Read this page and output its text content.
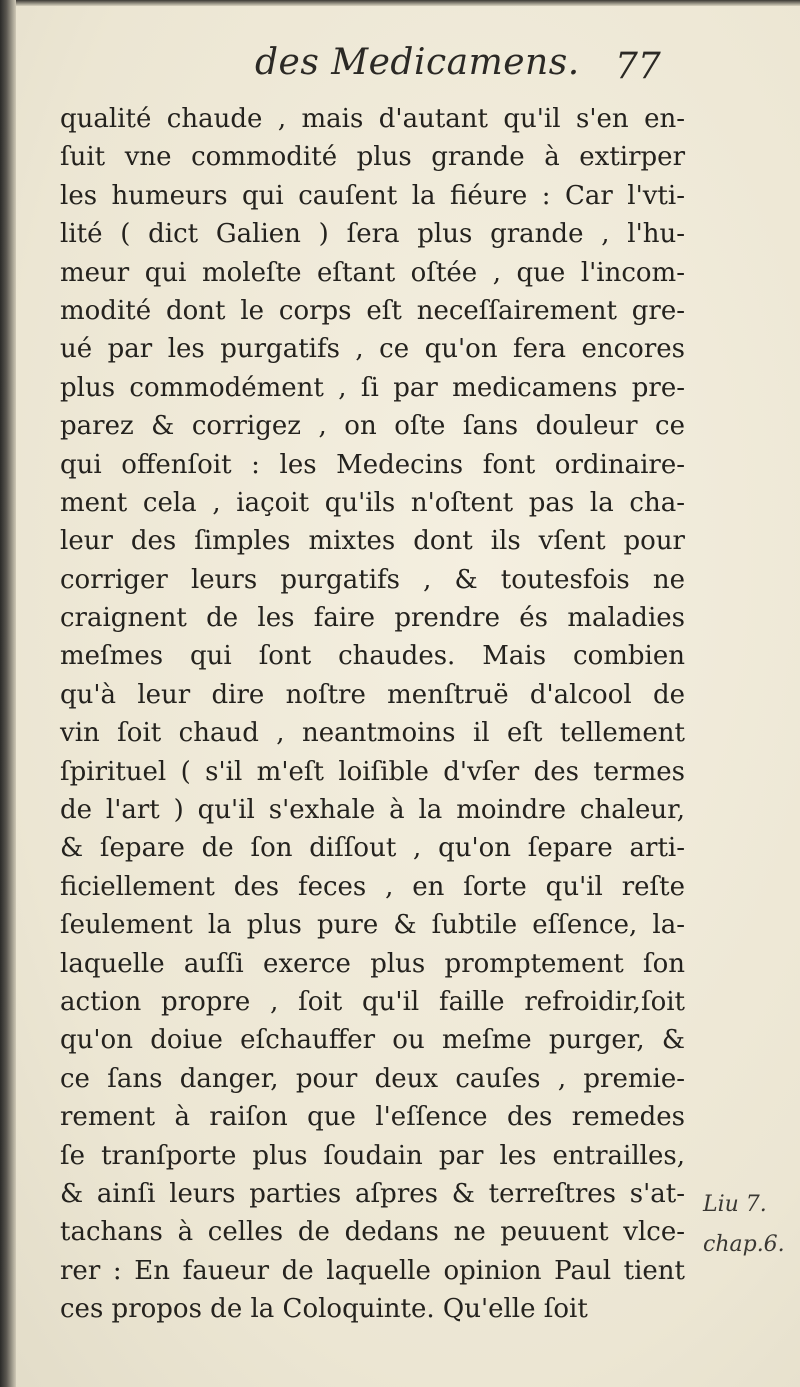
des Medicamens. 77
qualité chaude , mais d'autant qu'il s'en en-
ſuit vne commodité plus grande à extirper
les humeurs qui cauſent la fiéure : Car l'vti-
lité ( dict Galien ) ſera plus grande , l'hu-
meur qui moleſte eſtant oſtée , que l'incom-
modité dont le corps eſt neceſſairement gre-
ué par les purgatifs , ce qu'on fera encores
plus commodément , ſi par medicamens pre-
parez & corrigez , on oſte ſans douleur ce
qui offenſoit : les Medecins font ordinaire-
ment cela , iaçoit qu'ils n'oſtent pas la cha-
leur des ſimples mixtes dont ils vſent pour
corriger leurs purgatifs , & toutesfois ne
craignent de les faire prendre és maladies
meſmes qui ſont chaudes. Mais combien
qu'à leur dire noſtre menſtruë d'alcool de
vin ſoit chaud , neantmoins il eſt tellement
ſpirituel ( s'il m'eſt loiſible d'vſer des termes
de l'art ) qu'il s'exhale à la moindre chaleur,
& ſepare de ſon diſſout , qu'on ſepare arti-
ficiellement des feces , en ſorte qu'il reſte
ſeulement la plus pure & ſubtile eſſence, la-
laquelle auſſi exerce plus promptement ſon
action propre , ſoit qu'il faille refroidir,ſoit
qu'on doiue eſchauffer ou meſme purger, &
ce ſans danger, pour deux cauſes , premie-
rement à raiſon que l'eſſence des remedes
ſe tranſporte plus ſoudain par les entrailles,
& ainſi leurs parties aſpres & terreſtres s'at-
tachans à celles de dedans ne peuuent vlce-
rer : En faueur de laquelle opinion Paul tient
ces propos de la Coloquinte. Qu'elle ſoit
Liu 7.
chap.6.
